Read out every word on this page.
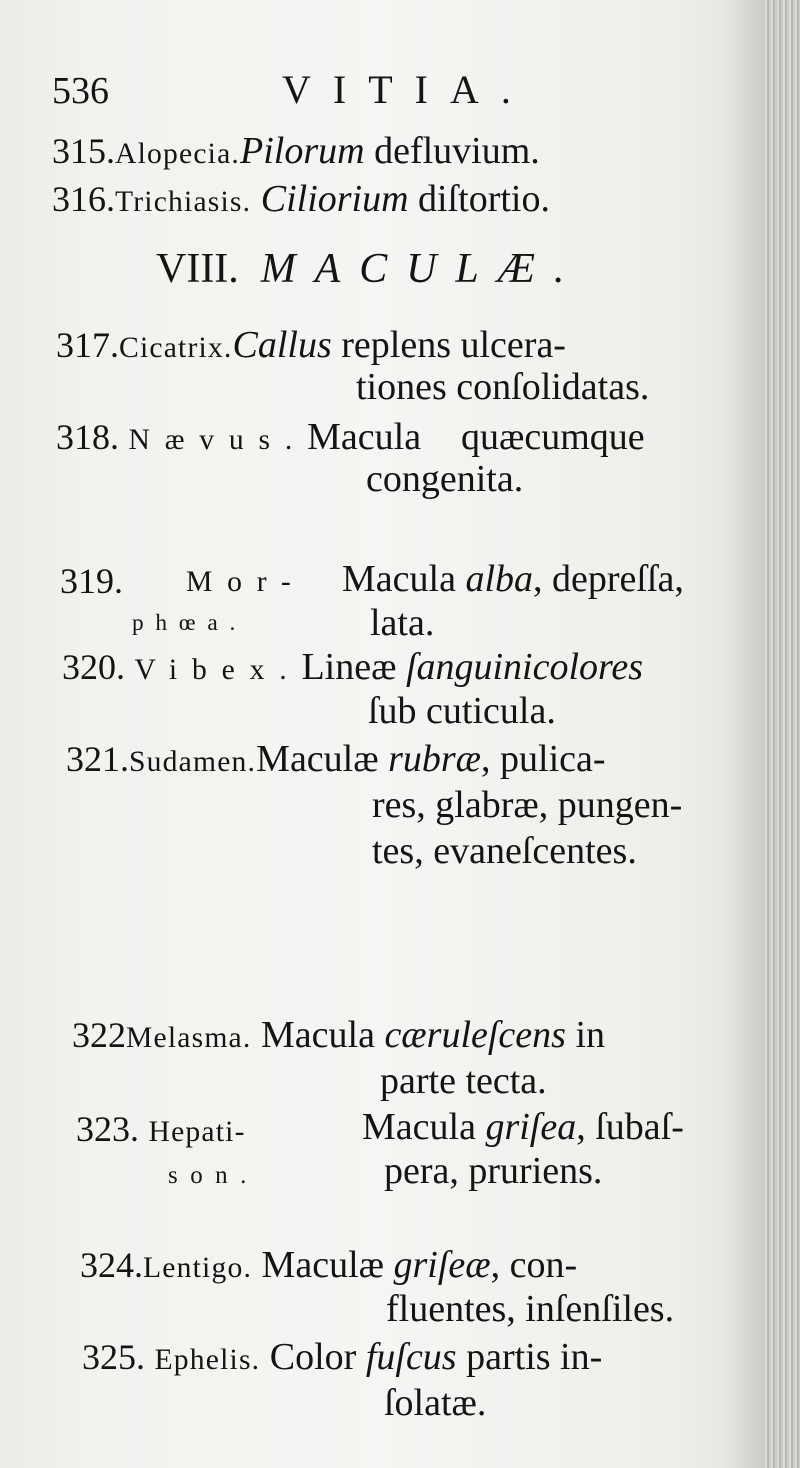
536	VITIA.
315.Alopecia.Pilorum defluvium.
316.Trichiasis. Ciliorium diſtortio.
VIII. MACULÆ.
317.Cicatrix.Callus replens ulcera-
tiones conſolidatas.
318. Nævus.Macula quæcumque
congenita.
319. Mor- Macula alba, depreſſa,
phœa.	lata.
320. Vibex.Lineæ ſanguinicolores
ſub cuticula.
321.Sudamen.Maculæ rubræ, pulica-
res, glabræ, pungen-
tes, evaneſcentes.
322Melasma. Macula cæruleſcens in
parte tecta.
323. Hepati-	Macula griſea, ſubaſ-
son.	pera, pruriens.
324.Lentigo. Maculæ griſeæ, con-
fluentes, inſenſiles.
325. Ephelis. Color fuſcus partis in-
ſolatæ.
